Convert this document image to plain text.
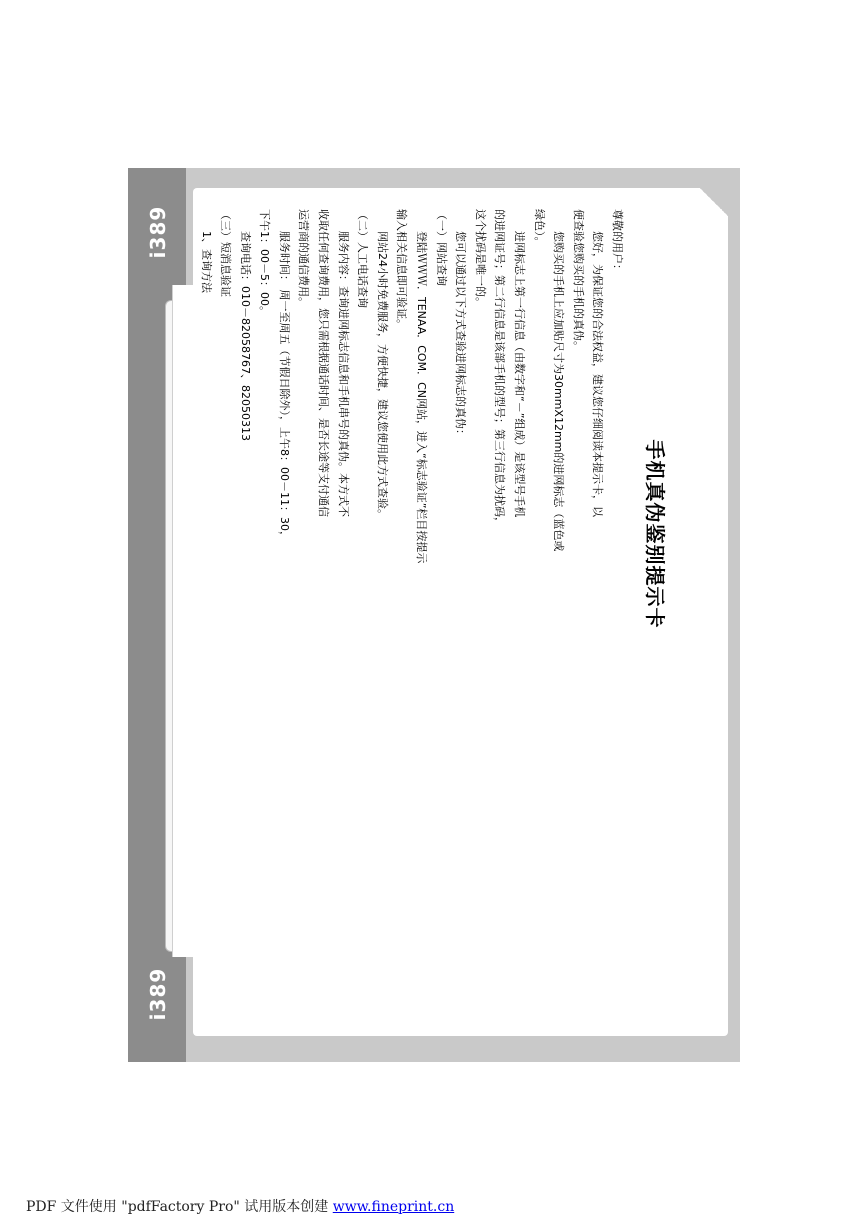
i389
i389
手机真伪鉴别提示卡
尊敬的用户：
您好，为保证您的合法权益，建议您仔细阅读本提示卡，以
便查验您购买的手机的真伪。
您购买的手机上应加贴尺寸为30mmX12mm的进网标志（蓝色或
绿色）。
进网标志上第一行信息（由数字和“－”组成）是该型号手机
的进网证号；第二行信息是该部手机的型号；第三行信息为扰码，
这个扰码是唯一的。
您可以通过以下方式查验进网标志的真伪：
（一）网站查询
登陆ＷＷＷ．TENAA．COM．CN网站，进入“标志验证”栏目按提示
输入相关信息即可验证。
网站24小时免费服务，方便快捷，建议您使用此方式查验。
（二）人工电话查询
服务内容：查询进网标志信息和手机串号的真伪。本方式不
收取任何查询费用，您只需根据通话时间、是否长途等支付通信
运营商的通信费用。
服务时间： 周一至周五（节假日除外），上午8：00－11：30，
下午1：00－5：00。
查询电话：010－82058767、82050313
（三）短消息验证
1、查询方法
PDF 文件使用 "pdfFactory Pro" 试用版本创建 www.fineprint.cn
